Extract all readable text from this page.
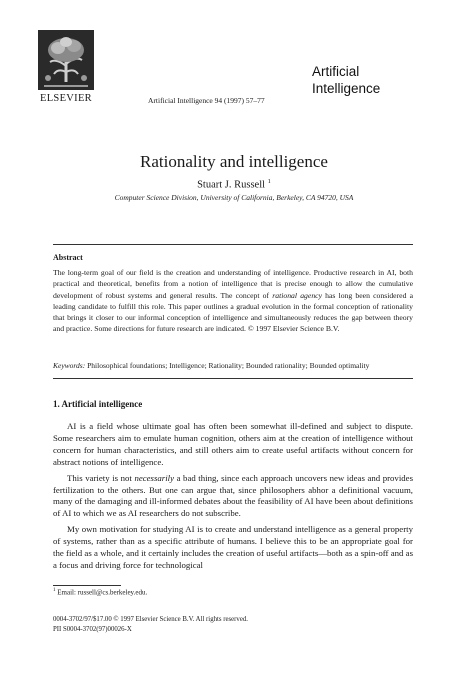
ELSEVIER	Artificial Intelligence 94 (1997) 57–77
Artificial
Intelligence
Rationality and intelligence
Stuart J. Russell $^1$
Computer Science Division, University of California, Berkeley, CA 94720, USA
Abstract
The long-term goal of our field is the creation and understanding of intelligence. Productive research in AI, both practical and theoretical, benefits from a notion of intelligence that is precise enough to allow the cumulative development of robust systems and general results. The concept of rational agency has long been considered a leading candidate to fulfill this role. This paper outlines a gradual evolution in the formal conception of rationality that brings it closer to our informal conception of intelligence and simultaneously reduces the gap between theory and practice. Some directions for future research are indicated. © 1997 Elsevier Science B.V.
Keywords: Philosophical foundations; Intelligence; Rationality; Bounded rationality; Bounded optimality
1. Artificial intelligence

AI is a field whose ultimate goal has often been somewhat ill-defined and subject to dispute. Some researchers aim to emulate human cognition, others aim at the creation of intelligence without concern for human characteristics, and still others aim to create useful artifacts without concern for abstract notions of intelligence.

This variety is not necessarily a bad thing, since each approach uncovers new ideas and provides fertilization to the others. But one can argue that, since philosophers abhor a definitional vacuum, many of the damaging and ill-informed debates about the feasibility of AI have been about definitions of AI to which we as AI researchers do not subscribe.

My own motivation for studying AI is to create and understand intelligence as a general property of systems, rather than as a specific attribute of humans. I believe this to be an appropriate goal for the field as a whole, and it certainly includes the creation of useful artifacts—both as a spin-off and as a focus and driving force for technological

$^1$ Email: russell@cs.berkeley.edu.
0004-3702/97/$17.00 © 1997 Elsevier Science B.V. All rights reserved.
PII S0004-3702(97)00026-X
